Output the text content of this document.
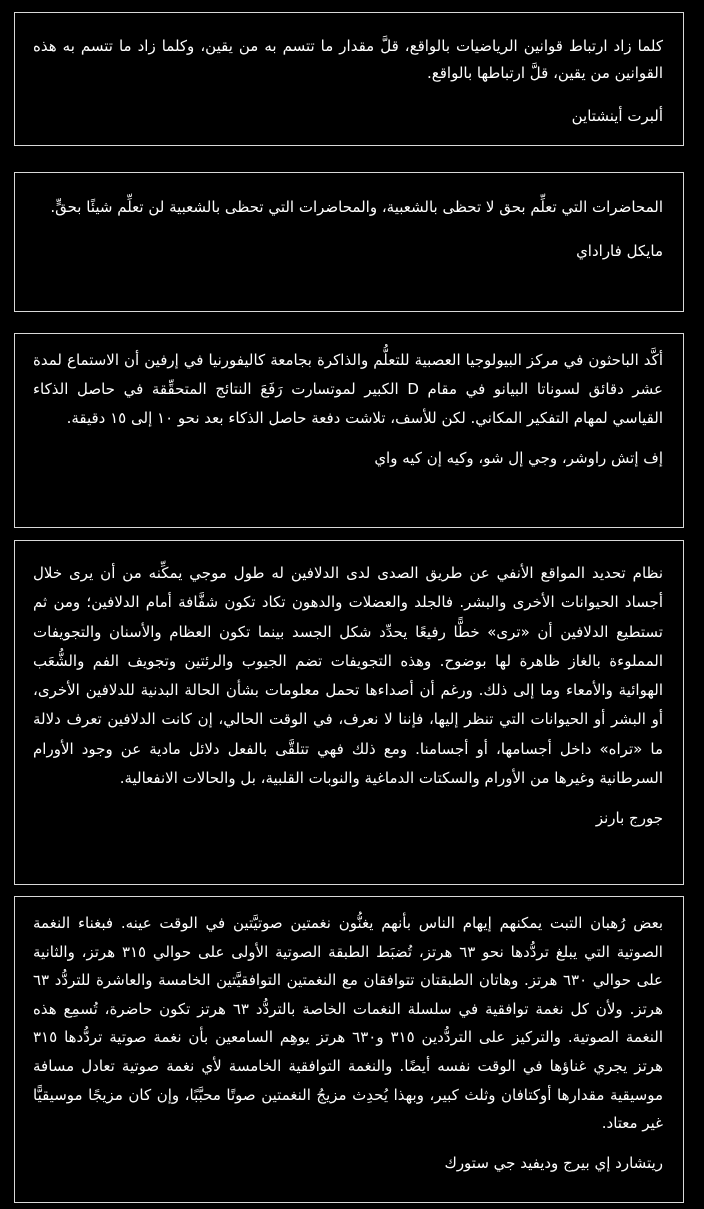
كلما زاد ارتباط قوانين الرياضيات بالواقع، قلَّ مقدار ما تتسم به من يقين، وكلما زاد ما تتسم به هذه القوانين من يقين، قلَّ ارتباطها بالواقع.

ألبرت أينشتاين

المحاضرات التي تعلِّم بحق لا تحظى بالشعبية، والمحاضرات التي تحظى بالشعبية لن تعلِّم شيئًا بحقٍّ.

مايكل فاراداي

أكَّد الباحثون في مركز البيولوجيا العصبية للتعلُّم والذاكرة بجامعة كاليفورنيا في إرفين أن الاستماع لمدة عشر دقائق لسوناتا البيانو في مقام D الكبير لموتسارت رَفَعَ النتائج المتحقِّقة في حاصل الذكاء القياسي لمهام التفكير المكاني. لكن للأسف، تلاشت دفعة حاصل الذكاء بعد نحو ١٠ إلى ١٥ دقيقة.

إف إتش راوشر، وجي إل شو، وكيه إن كيه واي

نظام تحديد المواقع الأنفي عن طريق الصدى لدى الدلافين له طول موجي يمكِّنه من أن يرى خلال أجساد الحيوانات الأخرى والبشر. فالجلد والعضلات والدهون تكاد تكون شفَّافة أمام الدلافين؛ ومن ثم تستطيع الدلافين أن «ترى» خطًّا رفيعًا يحدِّد شكل الجسد بينما تكون العظام والأسنان والتجويفات المملوءة بالغاز ظاهرة لها بوضوح. وهذه التجويفات تضم الجيوب والرئتين وتجويف الفم والشُّعَب الهوائية والأمعاء وما إلى ذلك. ورغم أن أصداءها تحمل معلومات بشأن الحالة البدنية للدلافين الأخرى، أو البشر أو الحيوانات التي تنظر إليها، فإننا لا نعرف، في الوقت الحالي، إن كانت الدلافين تعرف دلالة ما «تراه» داخل أجسامها، أو أجسامنا. ومع ذلك فهي تتلقَّى بالفعل دلائل مادية عن وجود الأورام السرطانية وغيرها من الأورام والسكتات الدماغية والنوبات القلبية، بل والحالات الانفعالية.

جورج بارنز

بعض رُهبان التبت يمكنهم إيهام الناس بأنهم يغنُّون نغمتين صوتيَّتين في الوقت عينه. فبغناء النغمة الصوتية التي يبلغ تردُّدها نحو ٦٣ هرتز، تُضبَط الطبقة الصوتية الأولى على حوالي ٣١٥ هرتز، والثانية على حوالي ٦٣٠ هرتز. وهاتان الطبقتان تتوافقان مع النغمتين التوافقيَّتين الخامسة والعاشرة للتردُّد ٦٣ هرتز. ولأن كل نغمة توافقية في سلسلة النغمات الخاصة بالتردُّد ٦٣ هرتز تكون حاضرة، تُسمِع هذه النغمة الصوتية. والتركيز على التردُّدين ٣١٥ و٦٣٠ هرتز يوهِم السامعين بأن نغمة صوتية تردُّدها ٣١٥ هرتز يجري غناؤها في الوقت نفسه أيضًا. والنغمة التوافقية الخامسة لأي نغمة صوتية تعادل مسافة موسيقية مقدارها أوكتافان وثلث كبير، وبهذا يُحدِث مزيجُ النغمتين صوتًا محبَّبًا، وإن كان مزيجًا موسيقيًّا غير معتاد.

ريتشارد إي بيرج وديفيد جي ستورك
